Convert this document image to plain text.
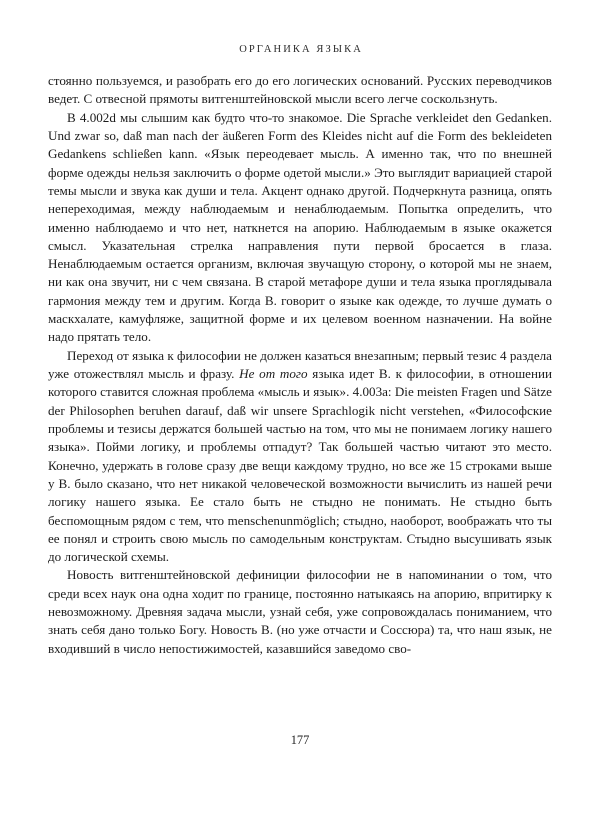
ОРГАНИКА ЯЗЫКА

стоянно пользуемся, и разобрать его до его логических оснований. Русских переводчиков ведет. С отвесной прямоты витгенштейновской мысли всего легче соскользнуть.

В 4.002d мы слышим как будто что-то знакомое. Die Sprache verkleidet den Gedanken. Und zwar so, daß man nach der äußeren Form des Kleides nicht auf die Form des bekleideten Gedankens schließen kann. «Язык переодевает мысль. А именно так, что по внешней форме одежды нельзя заключить о форме одетой мысли.» Это выглядит вариацией старой темы мысли и звука как души и тела. Акцент однако другой. Подчеркнута разница, опять непереходимая, между наблюдаемым и ненаблюдаемым. Попытка определить, что именно наблюдаемо и что нет, наткнется на апорию. Наблюдаемым в языке окажется смысл. Указательная стрелка направления пути первой бросается в глаза. Ненаблюдаемым остается организм, включая звучащую сторону, о которой мы не знаем, ни как она звучит, ни с чем связана. В старой метафоре души и тела языка проглядывала гармония между тем и другим. Когда В. говорит о языке как одежде, то лучше думать о маскхалате, камуфляже, защитной форме и их целевом военном назначении. На войне надо прятать тело.

Переход от языка к философии не должен казаться внезапным; первый тезис 4 раздела уже отожествлял мысль и фразу. Не от того языка идет В. к философии, в отношении которого ставится сложная проблема «мысль и язык». 4.003a: Die meisten Fragen und Sätze der Philosophen beruhen darauf, daß wir unsere Sprachlogik nicht verstehen, «Философские проблемы и тезисы держатся большей частью на том, что мы не понимаем логику нашего языка». Пойми логику, и проблемы отпадут? Так большей частью читают это место. Конечно, удержать в голове сразу две вещи каждому трудно, но все же 15 строками выше у В. было сказано, что нет никакой человеческой возможности вычислить из нашей речи логику нашего языка. Ее стало быть не стыдно не понимать. Не стыдно быть беспомощным рядом с тем, что menschenunmöglich; стыдно, наоборот, воображать что ты ее понял и строить свою мысль по самодельным конструктам. Стыдно высушивать язык до логической схемы.

Новость витгенштейновской дефиниции философии не в напоминании о том, что среди всех наук она одна ходит по границе, постоянно натыкаясь на апорию, впритирку к невозможному. Древняя задача мысли, узнай себя, уже сопровождалась пониманием, что знать себя дано только Богу. Новость В. (но уже отчасти и Соссюра) та, что наш язык, не входивший в число непостижимостей, казавшийся заведомо сво-

177
